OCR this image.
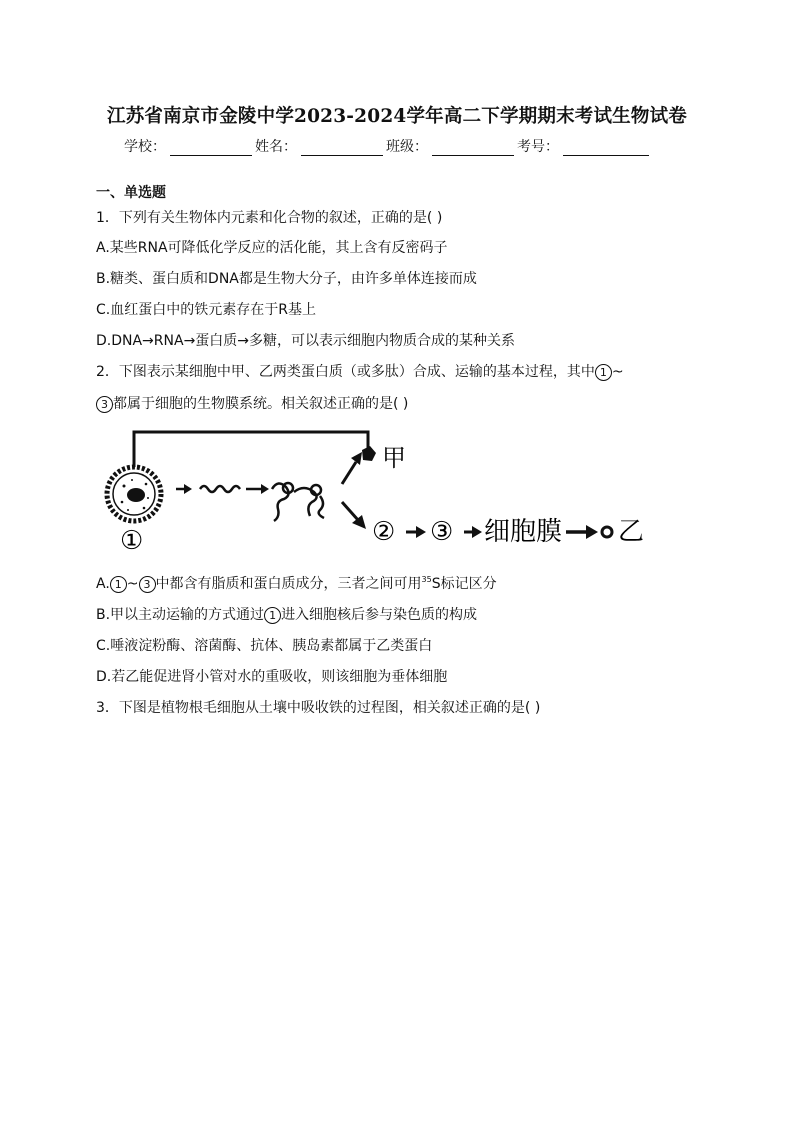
江苏省南京市金陵中学2023-2024学年高二下学期期末考试生物试卷
学校：	姓名：	班级：	考号：
一、单选题
1．下列有关生物体内元素和化合物的叙述，正确的是( )
A.某些RNA可降低化学反应的活化能，其上含有反密码子
B.糖类、蛋白质和DNA都是生物大分子，由许多单体连接而成
C.血红蛋白中的铁元素存在于R基上
D.DNA→RNA→蛋白质→多糖，可以表示细胞内物质合成的某种关系
2．下图表示某细胞中甲、乙两类蛋白质（或多肽）合成、运输的基本过程，其中 1 ~
3 都属于细胞的生物膜系统。相关叙述正确的是( )
甲
①	② ③ 细胞膜 乙
A. 1 ~ 3 中都含有脂质和蛋白质成分，三者之间可用$^{35}$S标记区分
B.甲以主动运输的方式通过 1 进入细胞核后参与染色质的构成
C.唾液淀粉酶、溶菌酶、抗体、胰岛素都属于乙类蛋白
D.若乙能促进肾小管对水的重吸收，则该细胞为垂体细胞
3．下图是植物根毛细胞从土壤中吸收铁的过程图，相关叙述正确的是( )
